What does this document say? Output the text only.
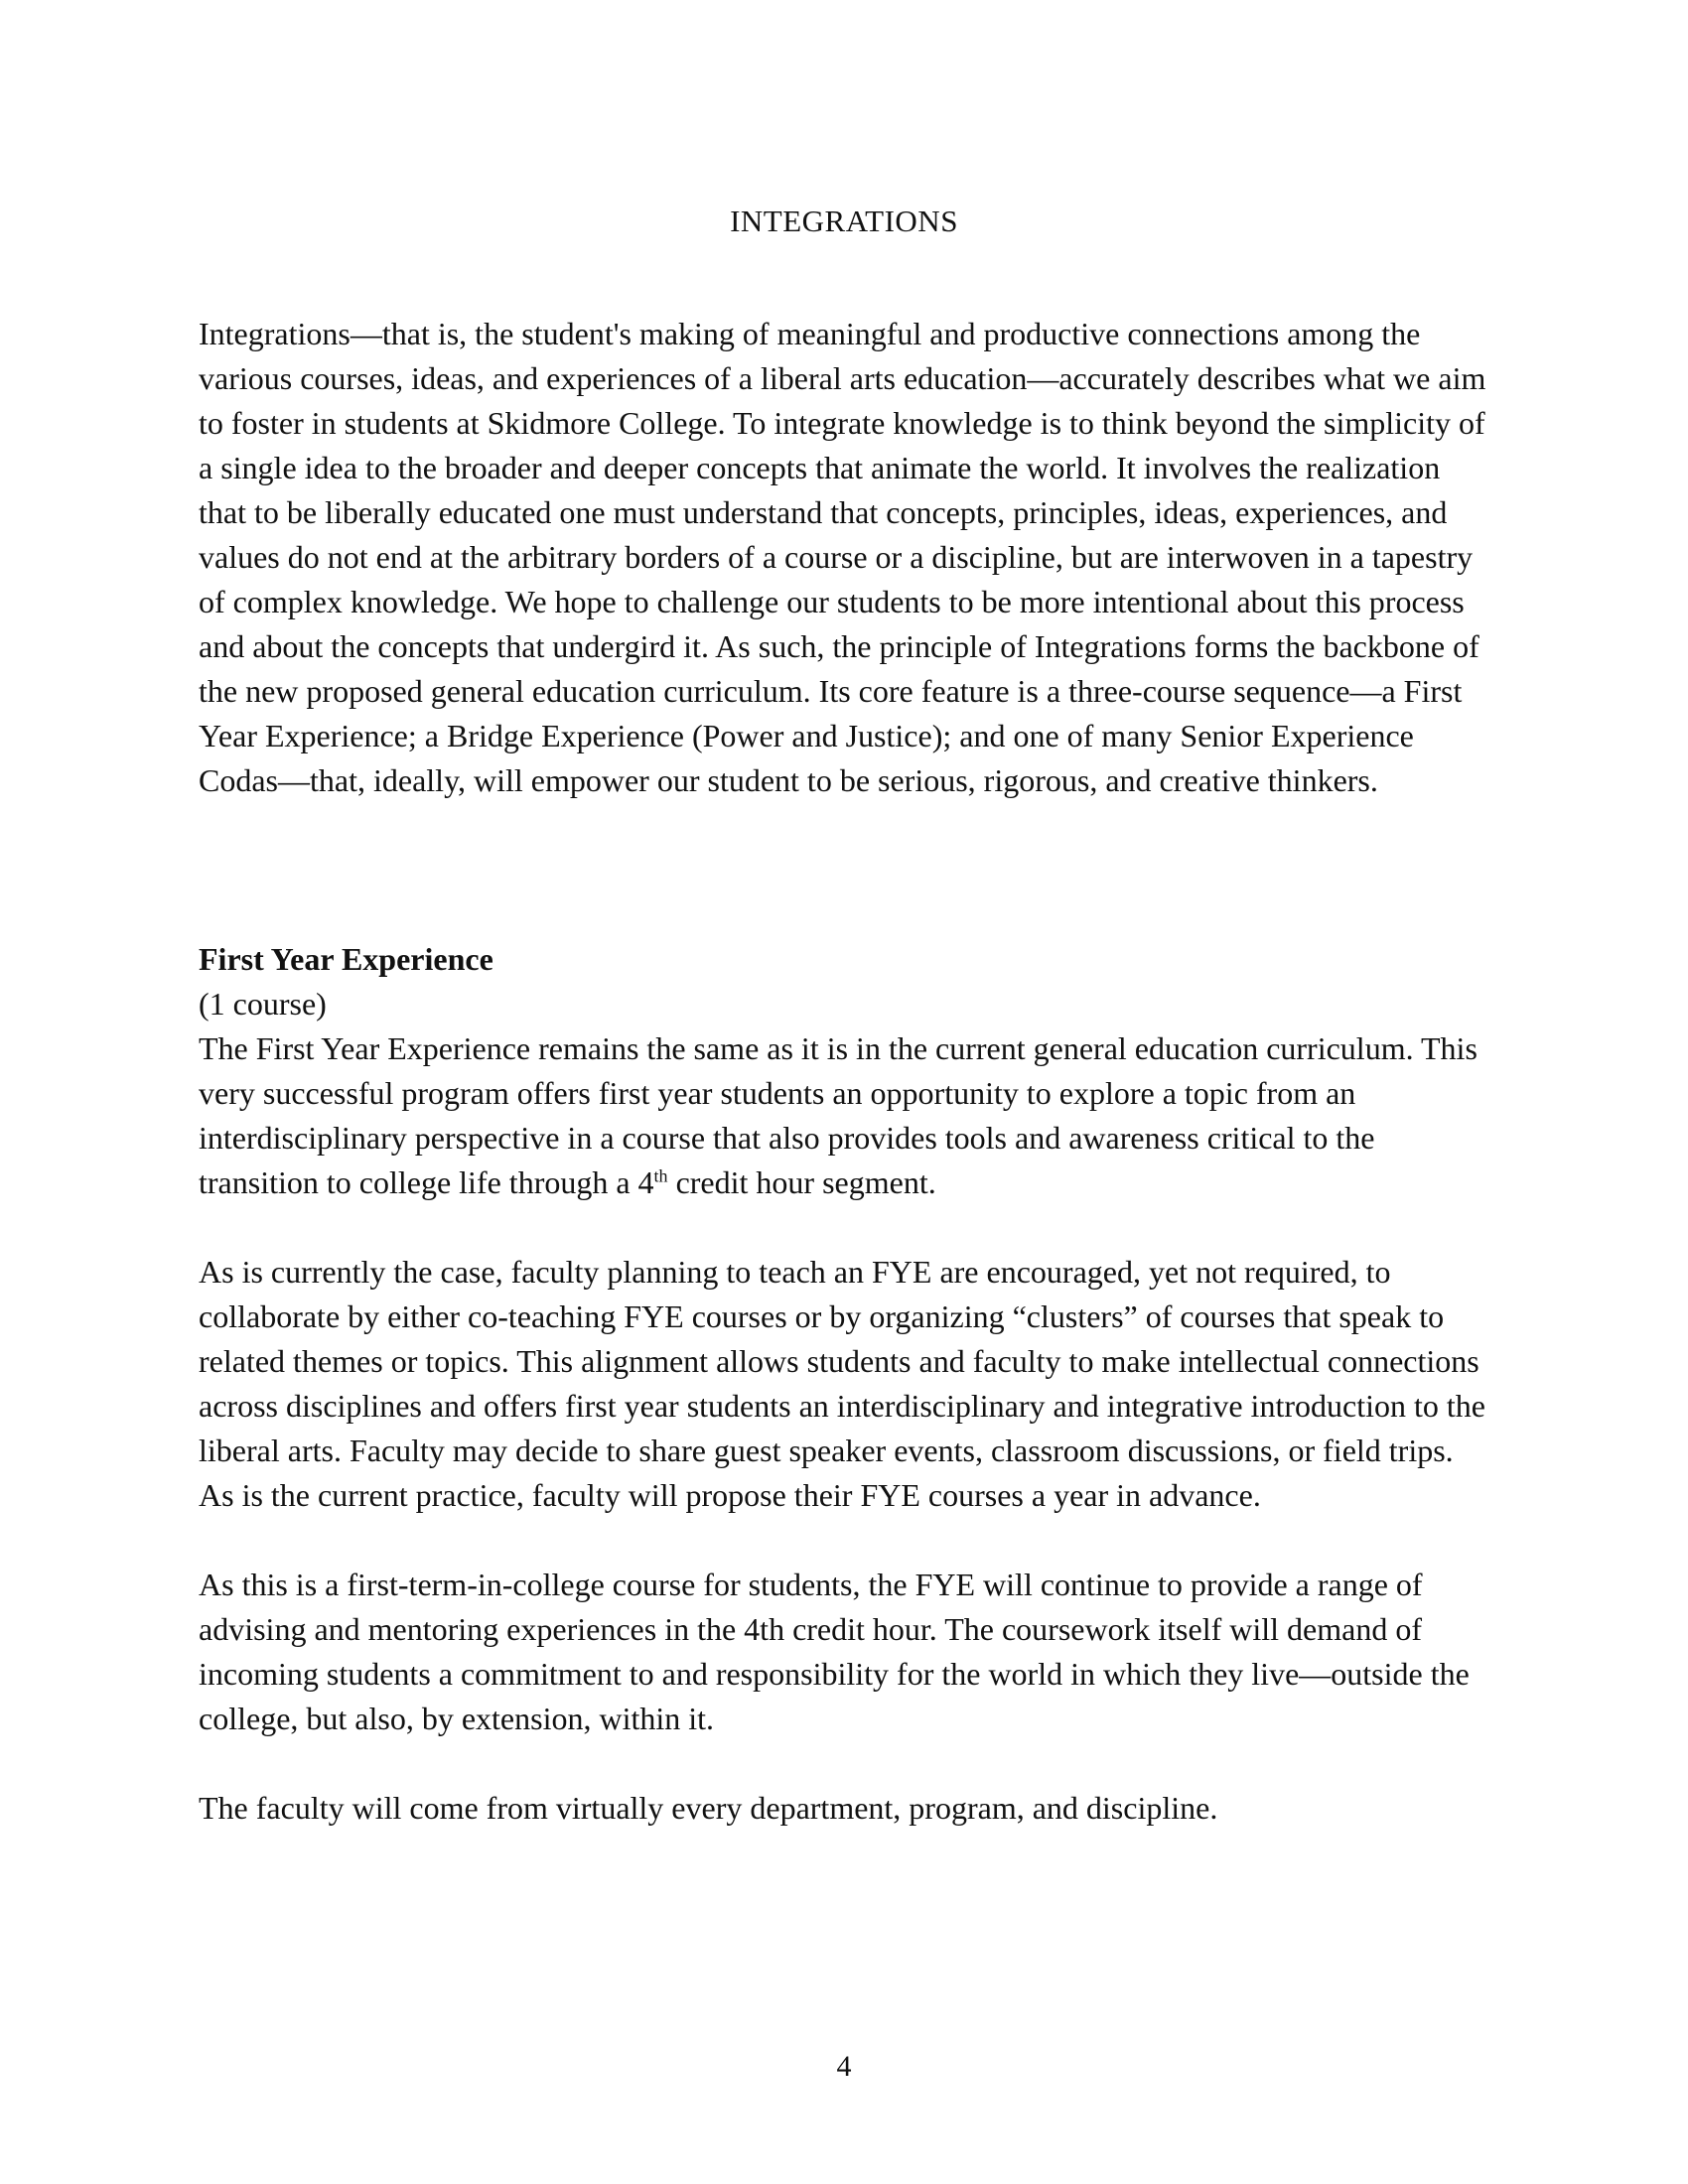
INTEGRATIONS

Integrations—that is, the student's making of meaningful and productive connections among the various courses, ideas, and experiences of a liberal arts education—accurately describes what we aim to foster in students at Skidmore College. To integrate knowledge is to think beyond the simplicity of a single idea to the broader and deeper concepts that animate the world. It involves the realization that to be liberally educated one must understand that concepts, principles, ideas, experiences, and values do not end at the arbitrary borders of a course or a discipline, but are interwoven in a tapestry of complex knowledge. We hope to challenge our students to be more intentional about this process and about the concepts that undergird it. As such, the principle of Integrations forms the backbone of the new proposed general education curriculum. Its core feature is a three-course sequence—a First Year Experience; a Bridge Experience (Power and Justice); and one of many Senior Experience Codas—that, ideally, will empower our student to be serious, rigorous, and creative thinkers.

First Year Experience

(1 course)

The First Year Experience remains the same as it is in the current general education curriculum. This very successful program offers first year students an opportunity to explore a topic from an interdisciplinary perspective in a course that also provides tools and awareness critical to the transition to college life through a 4th credit hour segment.

As is currently the case, faculty planning to teach an FYE are encouraged, yet not required, to collaborate by either co-teaching FYE courses or by organizing “clusters” of courses that speak to related themes or topics. This alignment allows students and faculty to make intellectual connections across disciplines and offers first year students an interdisciplinary and integrative introduction to the liberal arts. Faculty may decide to share guest speaker events, classroom discussions, or field trips. As is the current practice, faculty will propose their FYE courses a year in advance.

As this is a first-term-in-college course for students, the FYE will continue to provide a range of advising and mentoring experiences in the 4th credit hour. The coursework itself will demand of incoming students a commitment to and responsibility for the world in which they live—outside the college, but also, by extension, within it.

The faculty will come from virtually every department, program, and discipline.

4
